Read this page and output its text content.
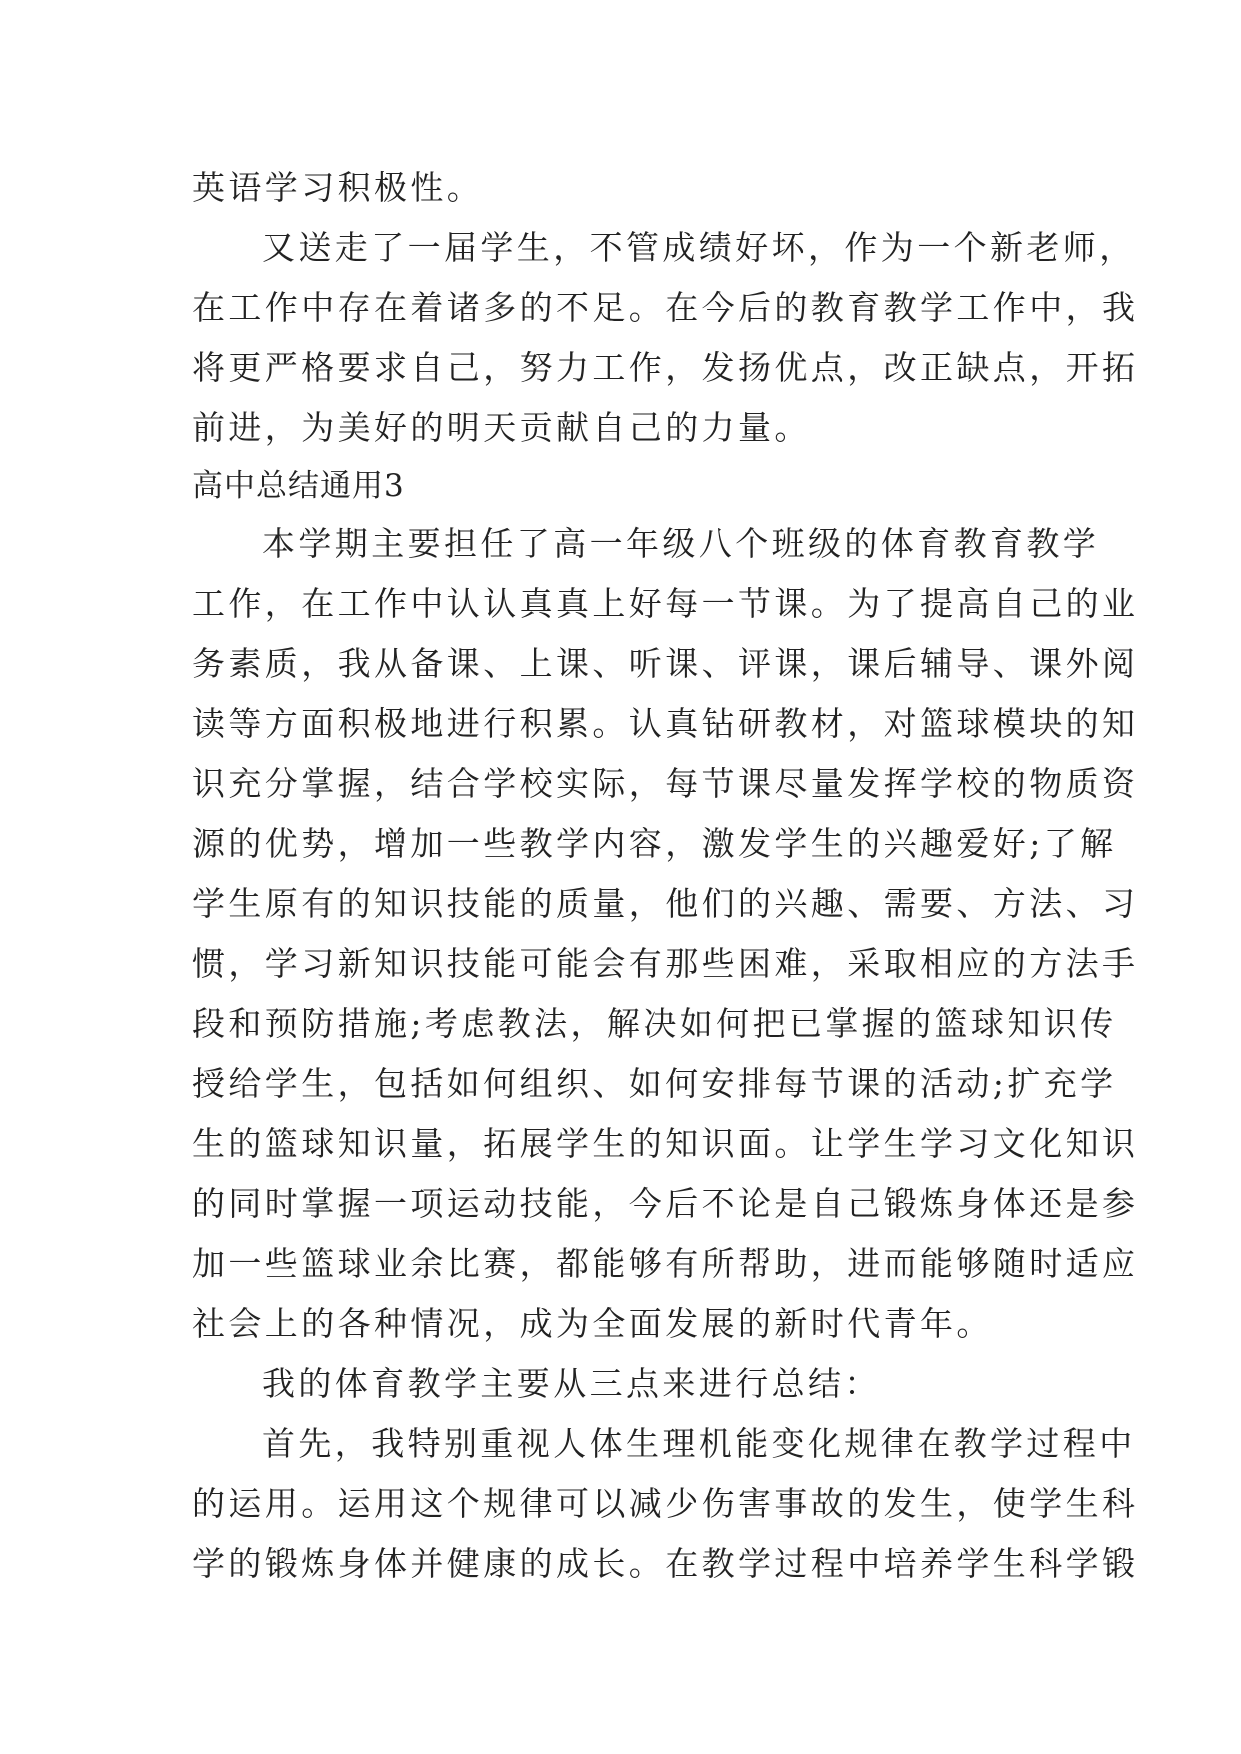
英语学习积极性。
又送走了一届学生，不管成绩好坏，作为一个新老师，
在工作中存在着诸多的不足。在今后的教育教学工作中，我
将更严格要求自己，努力工作，发扬优点，改正缺点，开拓
前进，为美好的明天贡献自己的力量。
高中总结通用3
本学期主要担任了高一年级八个班级的体育教育教学
工作，在工作中认认真真上好每一节课。为了提高自己的业
务素质，我从备课、上课、听课、评课，课后辅导、课外阅
读等方面积极地进行积累。认真钻研教材，对篮球模块的知
识充分掌握，结合学校实际，每节课尽量发挥学校的物质资
源的优势，增加一些教学内容，激发学生的兴趣爱好;了解
学生原有的知识技能的质量，他们的兴趣、需要、方法、习
惯，学习新知识技能可能会有那些困难，采取相应的方法手
段和预防措施;考虑教法，解决如何把已掌握的篮球知识传
授给学生，包括如何组织、如何安排每节课的活动;扩充学
生的篮球知识量，拓展学生的知识面。让学生学习文化知识
的同时掌握一项运动技能，今后不论是自己锻炼身体还是参
加一些篮球业余比赛，都能够有所帮助，进而能够随时适应
社会上的各种情况，成为全面发展的新时代青年。
我的体育教学主要从三点来进行总结：
首先，我特别重视人体生理机能变化规律在教学过程中
的运用。运用这个规律可以减少伤害事故的发生，使学生科
学的锻炼身体并健康的成长。在教学过程中培养学生科学锻
